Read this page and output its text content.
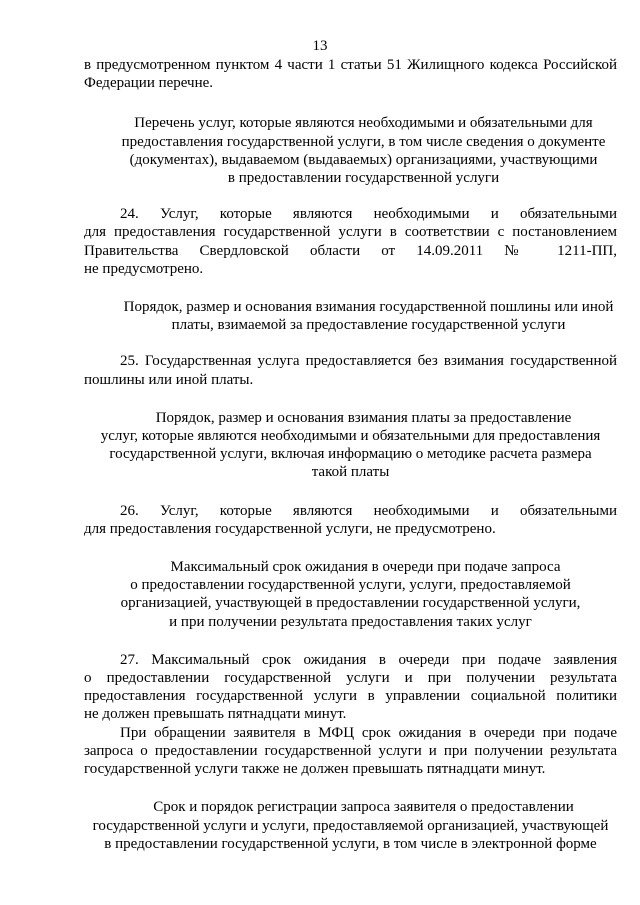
13
в предусмотренном пунктом 4 части 1 статьи 51 Жилищного кодекса Российской
Федерации перечне.
Перечень услуг, которые являются необходимыми и обязательными для
предоставления государственной услуги, в том числе сведения о документе
(документах), выдаваемом (выдаваемых) организациями, участвующими
в предоставлении государственной услуги
24. Услуг, которые являются необходимыми и обязательными
для предоставления государственной услуги в соответствии с постановлением
Правительства Свердловской области от 14.09.2011 № 1211-ПП,
не предусмотрено.
Порядок, размер и основания взимания государственной пошлины или иной
платы, взимаемой за предоставление государственной услуги
25. Государственная услуга предоставляется без взимания государственной
пошлины или иной платы.
Порядок, размер и основания взимания платы за предоставление
услуг, которые являются необходимыми и обязательными для предоставления
государственной услуги, включая информацию о методике расчета размера
такой платы
26. Услуг, которые являются необходимыми и обязательными
для предоставления государственной услуги, не предусмотрено.
Максимальный срок ожидания в очереди при подаче запроса
о предоставлении государственной услуги, услуги, предоставляемой
организацией, участвующей в предоставлении государственной услуги,
и при получении результата предоставления таких услуг
27. Максимальный срок ожидания в очереди при подаче заявления
о предоставлении государственной услуги и при получении результата
предоставления государственной услуги в управлении социальной политики
не должен превышать пятнадцати минут.
При обращении заявителя в МФЦ срок ожидания в очереди при подаче
запроса о предоставлении государственной услуги и при получении результата
государственной услуги также не должен превышать пятнадцати минут.
Срок и порядок регистрации запроса заявителя о предоставлении
государственной услуги и услуги, предоставляемой организацией, участвующей
в предоставлении государственной услуги, в том числе в электронной форме
